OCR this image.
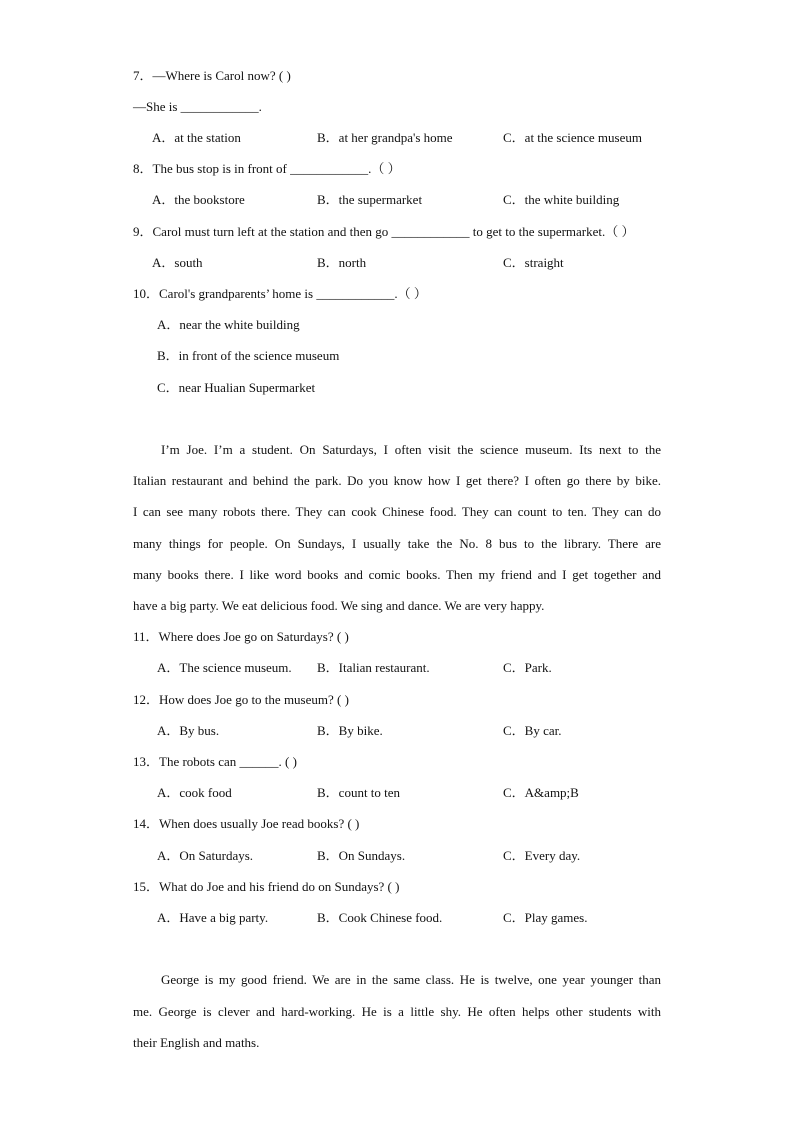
7．—Where is Carol now? ( )
—She is ____________.
A．at the station	B．at her grandpa's home	C．at the science museum
8．The bus stop is in front of ____________.（ ）
A．the bookstore	B．the supermarket	C．the white building
9．Carol must turn left at the station and then go ____________ to get to the supermarket.（ ）
A．south	B．north	C．straight
10．Carol's grandparents’ home is ____________.（ ）
A．near the white building
B．in front of the science museum
C．near Hualian Supermarket
I’m Joe. I’m a student. On Saturdays, I often visit the science museum. Its next to the
Italian restaurant and behind the park. Do you know how I get there? I often go there by bike.
I can see many robots there. They can cook Chinese food. They can count to ten. They can do
many things for people. On Sundays, I usually take the No. 8 bus to the library. There are
many books there. I like word books and comic books. Then my friend and I get together and
have a big party. We eat delicious food. We sing and dance. We are very happy.
11．Where does Joe go on Saturdays? ( )
A．The science museum. B．Italian restaurant.	C．Park.
12．How does Joe go to the museum? ( )
A．By bus.	B．By bike.	C．By car.
13．The robots can ______. ( )
A．cook food	B．count to ten	C．A&amp;B
14．When does usually Joe read books? ( )
A．On Saturdays.	B．On Sundays.	C．Every day.
15．What do Joe and his friend do on Sundays? ( )
A．Have a big party.	B．Cook Chinese food.	C．Play games.
George is my good friend. We are in the same class. He is twelve, one year younger than
me. George is clever and hard-working. He is a little shy. He often helps other students with
their English and maths.
